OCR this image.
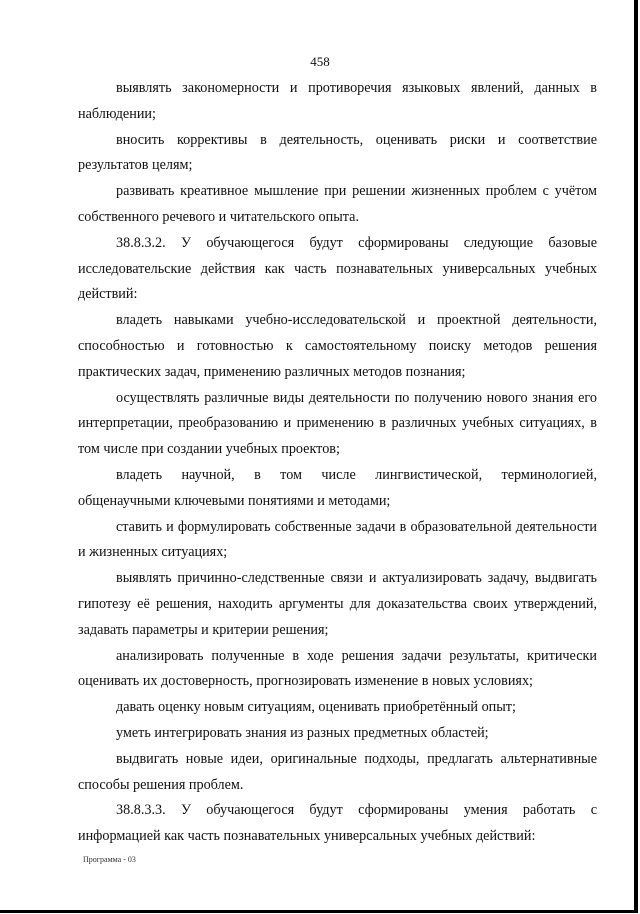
458

выявлять закономерности и противоречия языковых явлений, данных в наблюдении;

вносить коррективы в деятельность, оценивать риски и соответствие результатов целям;

развивать креативное мышление при решении жизненных проблем с учётом собственного речевого и читательского опыта.

38.8.3.2. У обучающегося будут сформированы следующие базовые исследовательские действия как часть познавательных универсальных учебных действий:

владеть навыками учебно-исследовательской и проектной деятельности, способностью и готовностью к самостоятельному поиску методов решения практических задач, применению различных методов познания;

осуществлять различные виды деятельности по получению нового знания его интерпретации, преобразованию и применению в различных учебных ситуациях, в том числе при создании учебных проектов;

владеть научной, в том числе лингвистической, терминологией, общенаучными ключевыми понятиями и методами;

ставить и формулировать собственные задачи в образовательной деятельности и жизненных ситуациях;

выявлять причинно-следственные связи и актуализировать задачу, выдвигать гипотезу её решения, находить аргументы для доказательства своих утверждений, задавать параметры и критерии решения;

анализировать полученные в ходе решения задачи результаты, критически оценивать их достоверность, прогнозировать изменение в новых условиях;

давать оценку новым ситуациям, оценивать приобретённый опыт;

уметь интегрировать знания из разных предметных областей;

выдвигать новые идеи, оригинальные подходы, предлагать альтернативные способы решения проблем.

38.8.3.3. У обучающегося будут сформированы умения работать с информацией как часть познавательных универсальных учебных действий:

Программа - 03
